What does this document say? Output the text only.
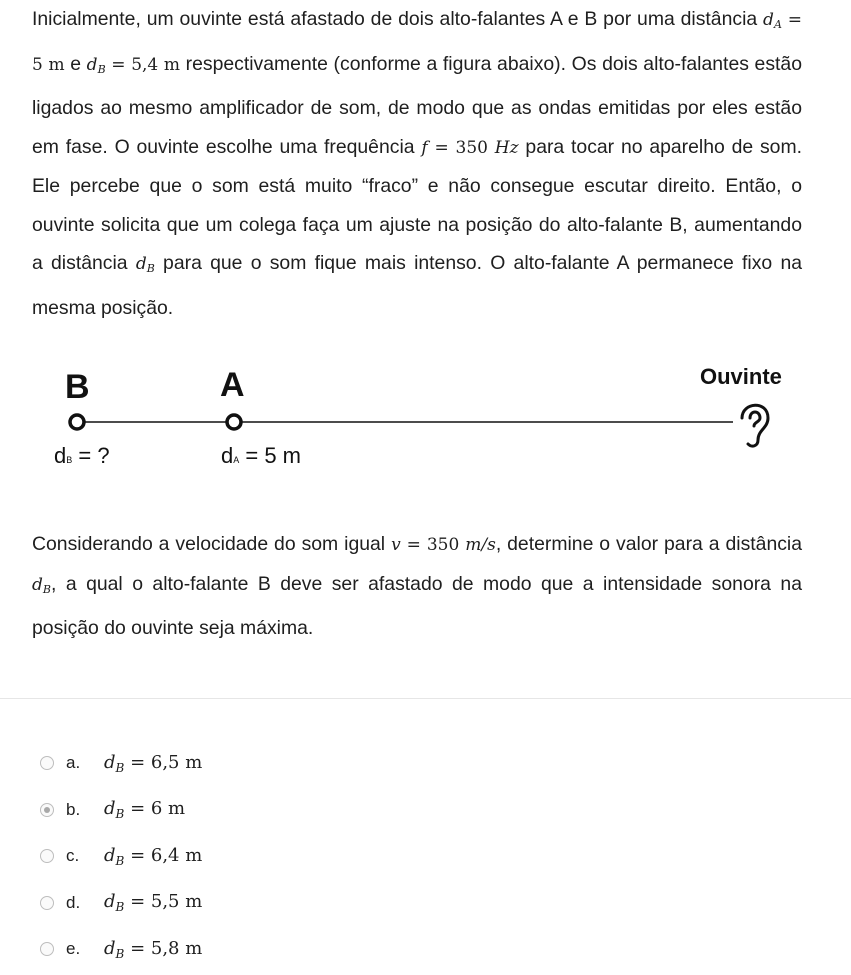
Inicialmente, um ouvinte está afastado de dois alto-falantes A e B por uma distância $d_A = 5$ m e $d_B = 5,4$ m respectivamente (conforme a figura abaixo). Os dois alto-falantes estão ligados ao mesmo amplificador de som, de modo que as ondas emitidas por eles estão em fase. O ouvinte escolhe uma frequência f = 350 Hz para tocar no aparelho de som. Ele percebe que o som está muito “fraco” e não consegue escutar direito. Então, o ouvinte solicita que um colega faça um ajuste na posição do alto-falante B, aumentando a distância $d_B$ para que o som fique mais intenso. O alto-falante A permanece fixo na mesma posição.

B	A	Ouvinte
dB = ?	dA = 5 m
Considerando a velocidade do som igual v = 350 m/s, determine o valor para a distância $d_B$, a qual o alto-falante B deve ser afastado de modo que a intensidade sonora na posição do ouvinte seja máxima.
a.	$d_B = 6,5$ m
b.	$d_B = 6$ m
c.	$d_B = 6,4$ m
d.	$d_B = 5,5$ m
e.	$d_B = 5,8$ m
